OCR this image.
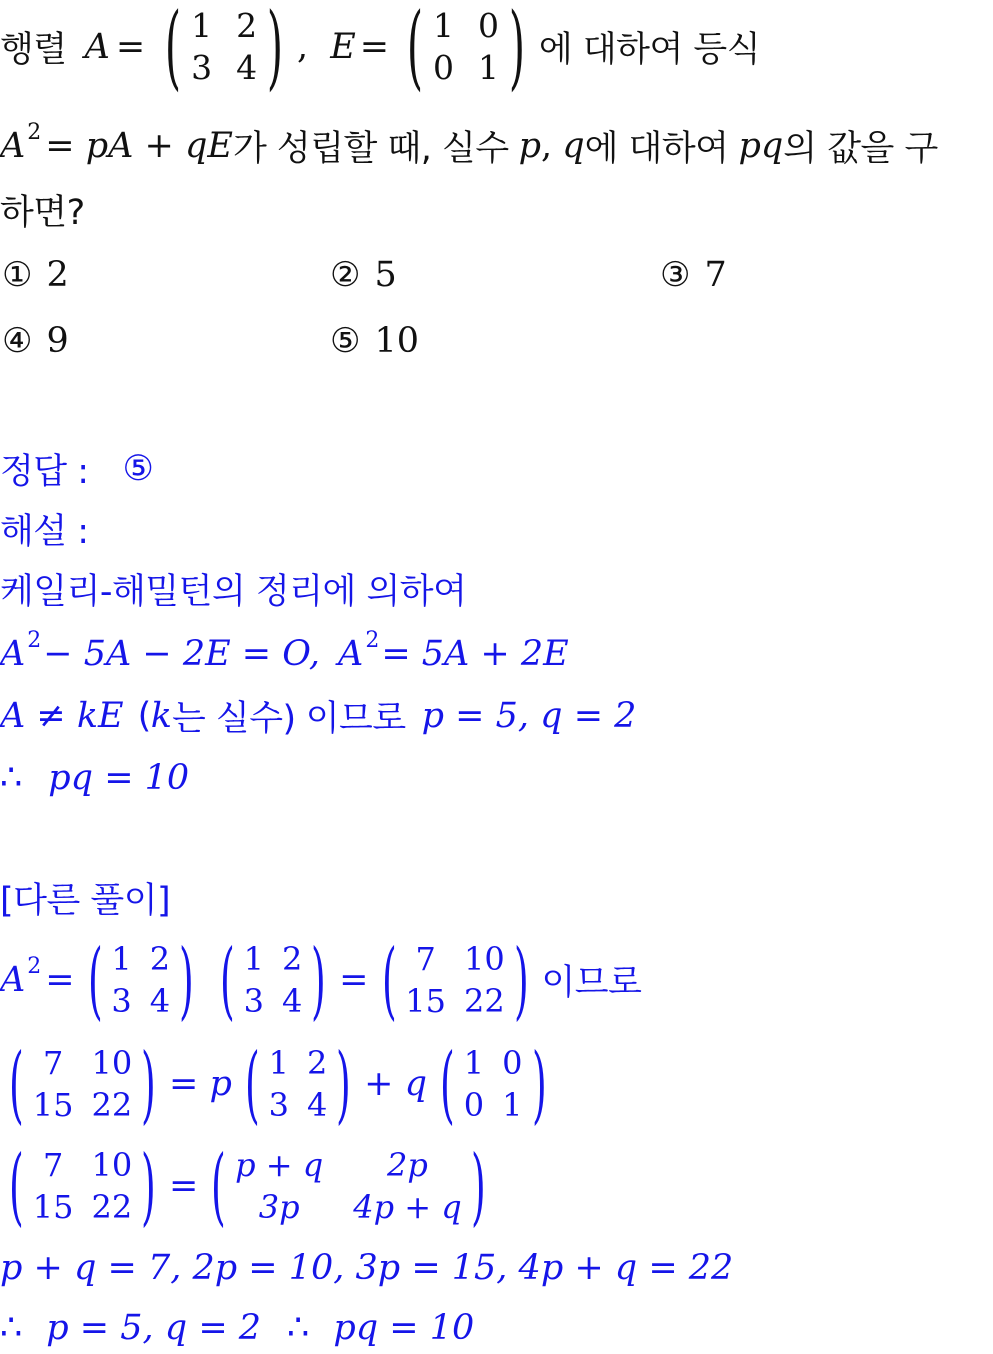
행렬 A = ( 1 2
3 4 ) , E = ( 1 0
0 1 ) 에 대하여 등식
A 2 = pA + qE 가 성립할 때, 실수 p , q 에 대하여 pq 의 값을 구
하면?
① 2	② 5	③ 7
④ 9	⑤ 10
정답 : ⑤
해설 :
케일리-해밀턴의 정리에 의하여
A 2 − 5A − 2E = O, A 2 = 5A + 2E
A ≠ kE ( k 는 실수) 이므로 p = 5, q = 2
∴ pq = 10
[다른 풀이]
A 2 = ( 1 2
3 4 ) ( 1 2
3 4 ) = ( 7 10
15 22 ) 이므로
( 7 10
15 22 ) = p ( 1 2
3 4 ) + q ( 1 0
0 1 )
( 7 10
15 22 ) = ( p + q	2p
3p	4p + q )
p + q = 7, 2p = 10, 3p = 15, 4p + q = 22
∴ p = 5, q = 2 ∴ pq = 10
